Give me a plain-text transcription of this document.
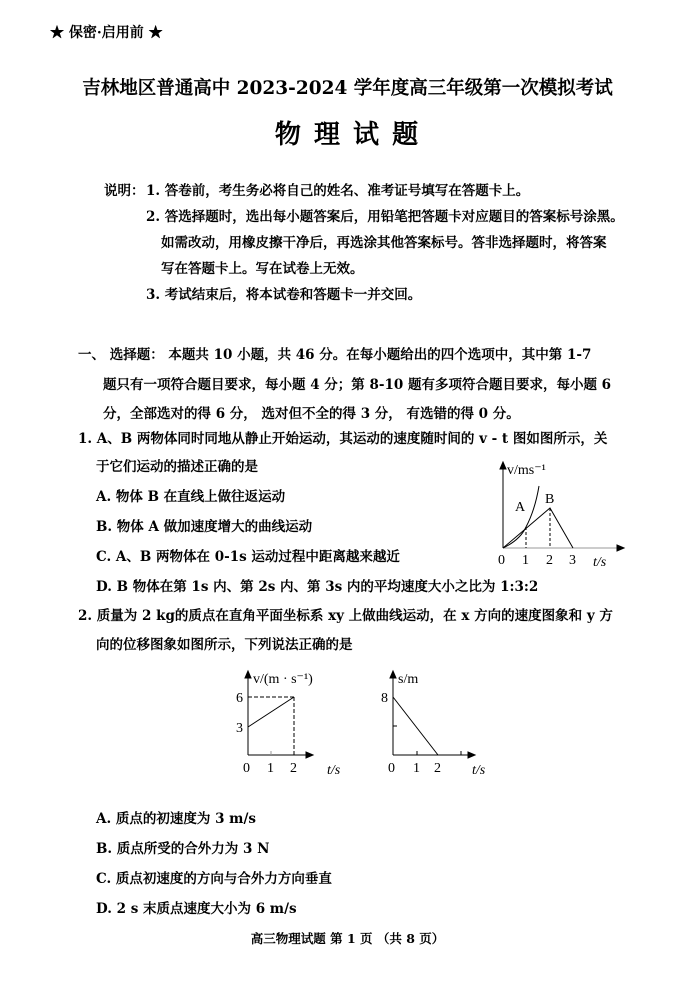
★ 保密·启用前 ★
吉林地区普通高中 2023-2024 学年度高三年级第一次模拟考试
物 理 试 题
说明： 1. 答卷前，考生务必将自己的姓名、准考证号填写在答题卡上。
2. 答选择题时，选出每小题答案后，用铅笔把答题卡对应题目的答案标号涂黑。
如需改动，用橡皮擦干净后，再选涂其他答案标号。答非选择题时，将答案
写在答题卡上。写在试卷上无效。
3. 考试结束后，将本试卷和答题卡一并交回。
一、 选择题： 本题共 10 小题，共 46 分。在每小题给出的四个选项中，其中第 1-7
题只有一项符合题目要求，每小题 4 分；第 8-10 题有多项符合题目要求，每小题 6
分，全部选对的得 6 分， 选对但不全的得 3 分， 有选错的得 0 分。
1. A、B 两物体同时同地从静止开始运动，其运动的速度随时间的 v - t 图如图所示，关
于它们运动的描述正确的是
A. 物体 B 在直线上做往返运动
B. 物体 A 做加速度增大的曲线运动
C. A、B 两物体在 0-1s 运动过程中距离越来越近
D. B 物体在第 1s 内、第 2s 内、第 3s 内的平均速度大小之比为 1:3:2
v/ms⁻¹
A
B
0 1 2 3 t/s
v/(m · s⁻¹)
6
3
0 1 2 t/s
s/m
8
0 1 2 t/s
2. 质量为 2 kg的质点在直角平面坐标系 xy 上做曲线运动，在 x 方向的速度图象和 y 方
向的位移图象如图所示，下列说法正确的是
A. 质点的初速度为 3 m/s
B. 质点所受的合外力为 3 N
C. 质点初速度的方向与合外力方向垂直
D. 2 s 末质点速度大小为 6 m/s
高三物理试题 第 1 页 （共 8 页）
